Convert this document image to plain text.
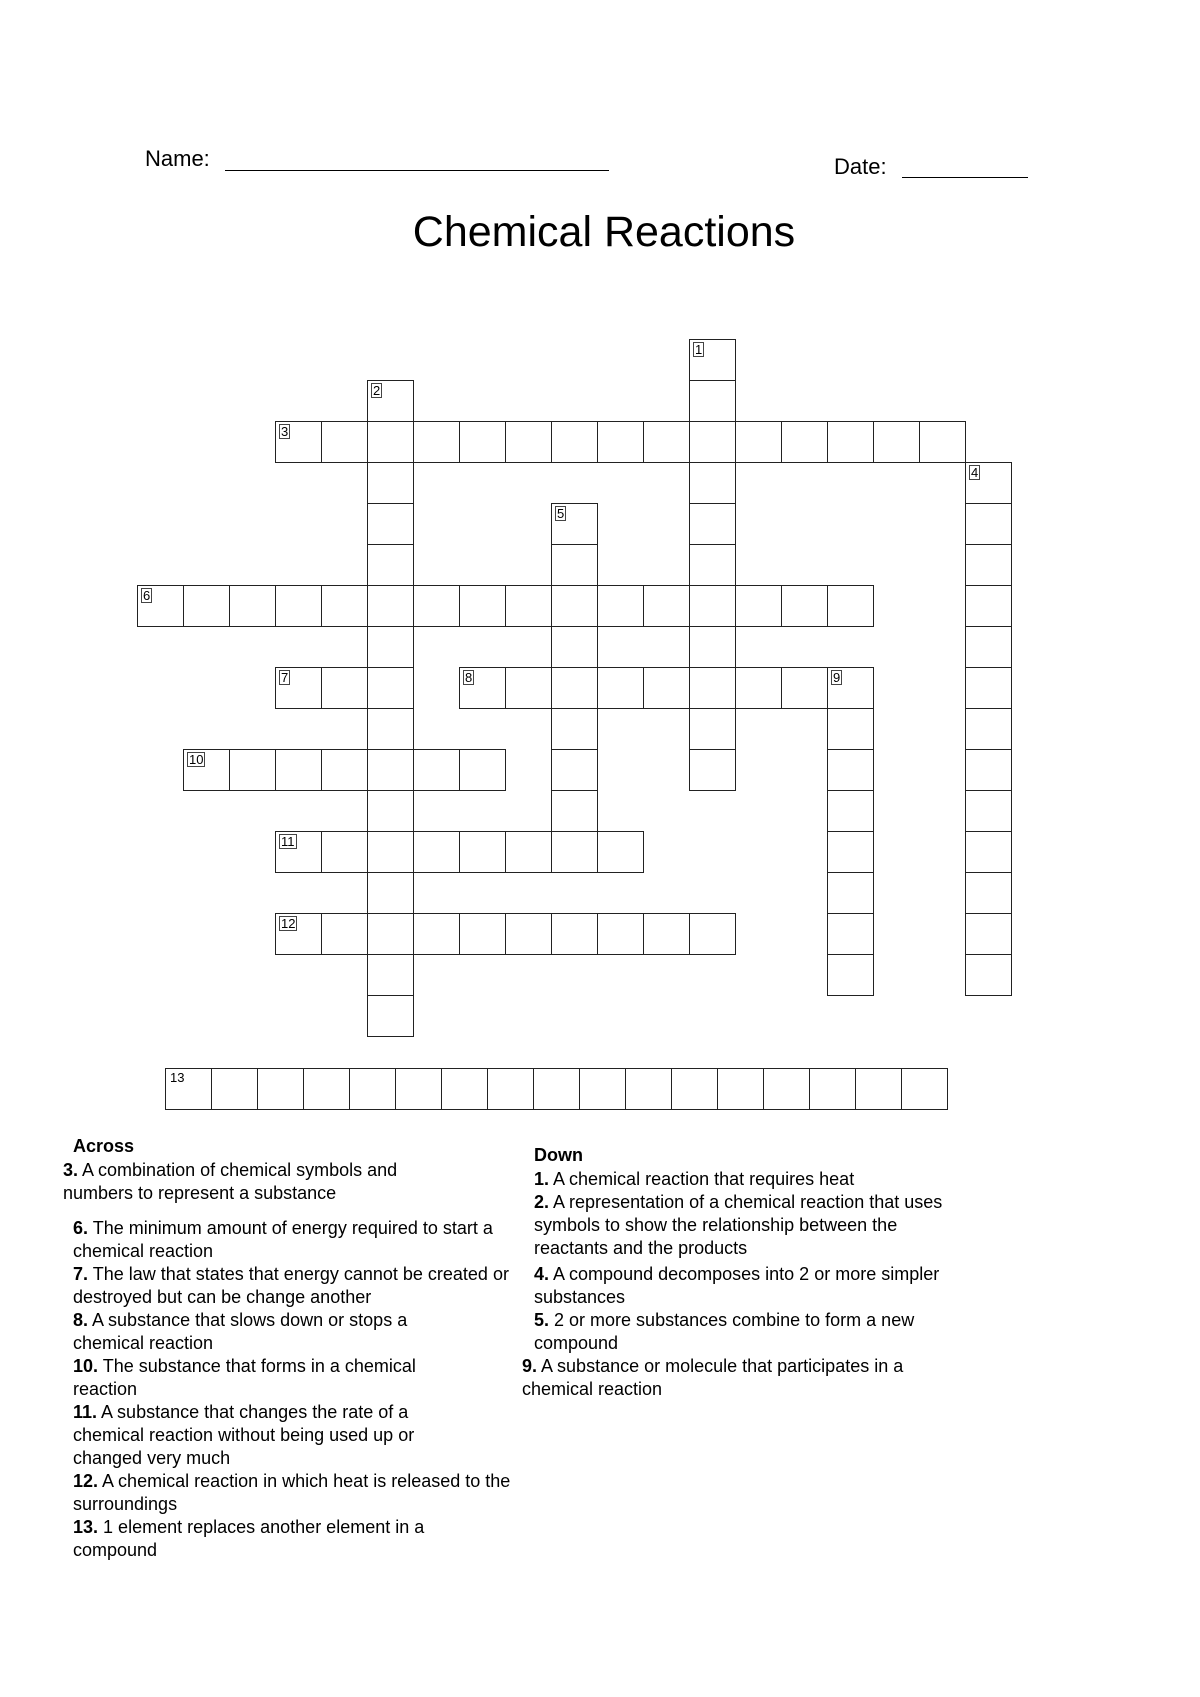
Name:	Date:
Chemical Reactions
3
6
7	8	9
10
11
12
1
2
4
5
13
Across	Down
3. A combination of chemical symbols and numbers to represent a substance
6. The minimum amount of energy required to start a chemical reaction
7. The law that states that energy cannot be created or destroyed but can be change another
8. A substance that slows down or stops a chemical reaction
10. The substance that forms in a chemical reaction
11. A substance that changes the rate of a chemical reaction without being used up or changed very much
12. A chemical reaction in which heat is released to the surroundings
13. 1 element replaces another element in a compound
1. A chemical reaction that requires heat
2. A representation of a chemical reaction that uses symbols to show the relationship between the reactants and the products
4. A compound decomposes into 2 or more simpler substances
5. 2 or more substances combine to form a new compound
9. A substance or molecule that participates in a chemical reaction
